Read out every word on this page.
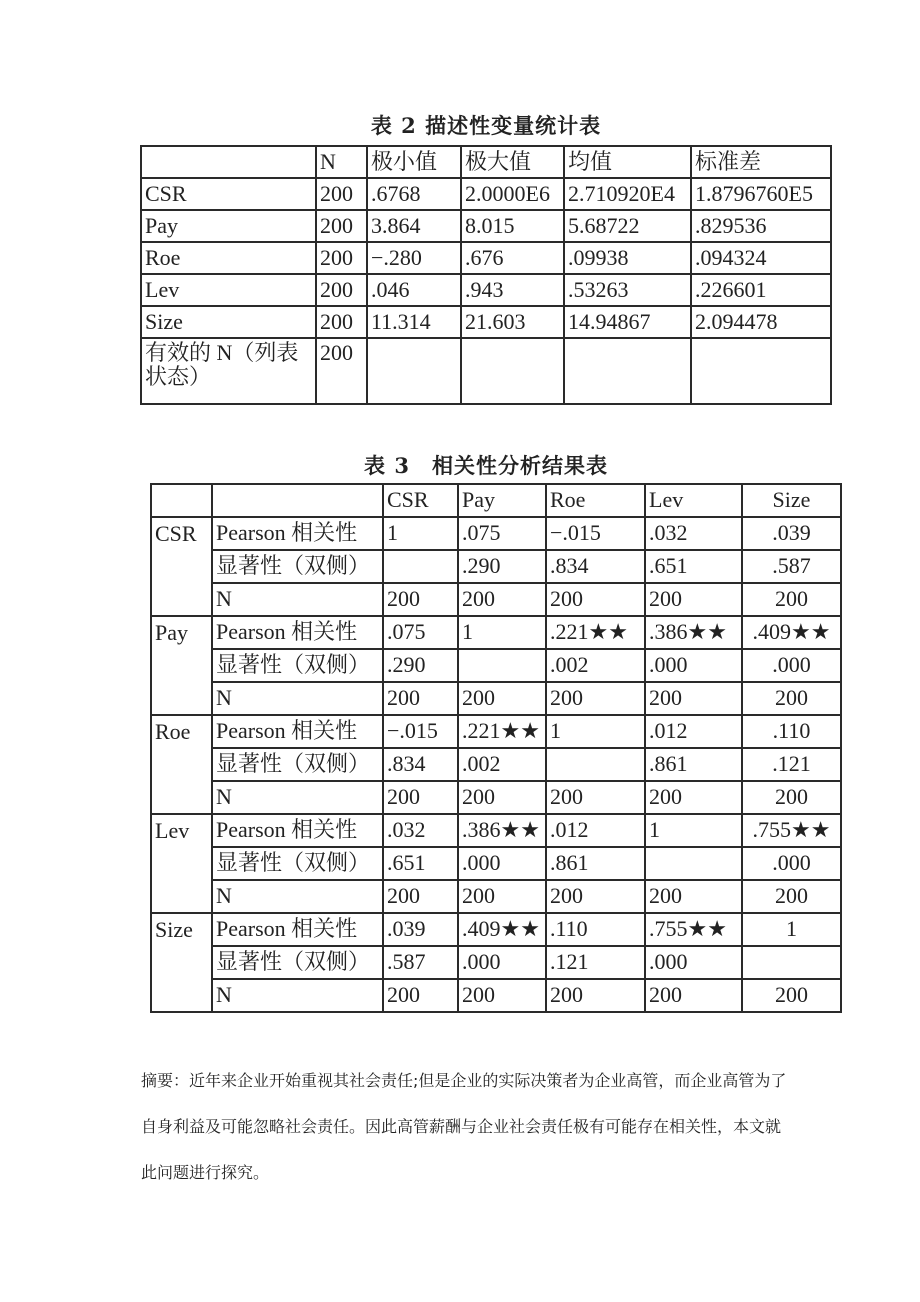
表 2 描述性变量统计表
	N	极小值	极大值	均值	标准差
CSR	200	.6768	2.0000E6	2.710920E4	1.8796760E5
Pay	200	3.864	8.015	5.68722	.829536
Roe	200	−.280	.676	.09938	.094324
Lev	200	.046	.943	.53263	.226601
Size	200	11.314	21.603	14.94867	2.094478
有效的 N（列表状态）	200				
表 3　相关性分析结果表
		CSR	Pay	Roe	Lev	Size
CSR	Pearson 相关性	1	.075	−.015	.032	.039
	显著性（双侧）		.290	.834	.651	.587
	N	200	200	200	200	200
Pay	Pearson 相关性	.075	1	.221★★	.386★★	.409★★
	显著性（双侧）	.290		.002	.000	.000
	N	200	200	200	200	200
Roe	Pearson 相关性	−.015	.221★★	1	.012	.110
	显著性（双侧）	.834	.002		.861	.121
	N	200	200	200	200	200
Lev	Pearson 相关性	.032	.386★★	.012	1	.755★★
	显著性（双侧）	.651	.000	.861		.000
	N	200	200	200	200	200
Size	Pearson 相关性	.039	.409★★	.110	.755★★	1
	显著性（双侧）	.587	.000	.121	.000	
	N	200	200	200	200	200
摘要：近年来企业开始重视其社会责任;但是企业的实际决策者为企业高管，而企业高管为了自身利益及可能忽略社会责任。因此高管薪酬与企业社会责任极有可能存在相关性，本文就此问题进行探究。
